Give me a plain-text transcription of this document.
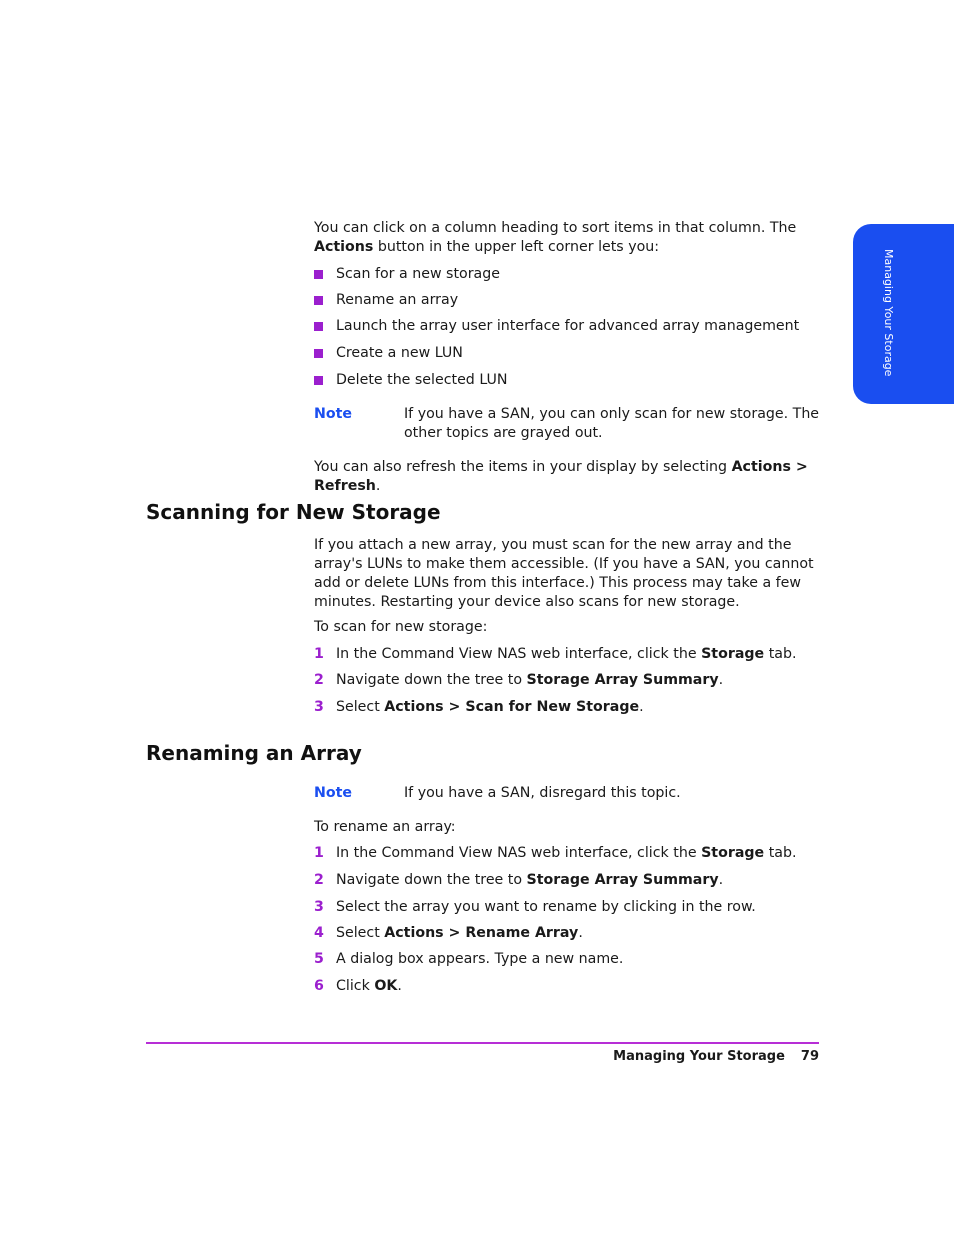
Managing Your Storage
You can click on a column heading to sort items in that column. The Actions button in the upper left corner lets you:
Scan for a new storage
Rename an array
Launch the array user interface for advanced array management
Create a new LUN
Delete the selected LUN
Note	If you have a SAN, you can only scan for new storage. The other topics are grayed out.
You can also refresh the items in your display by selecting Actions > Refresh.
Scanning for New Storage
If you attach a new array, you must scan for the new array and the array's LUNs to make them accessible. (If you have a SAN, you cannot add or delete LUNs from this interface.) This process may take a few minutes. Restarting your device also scans for new storage.
To scan for new storage:
1 In the Command View NAS web interface, click the Storage tab.
2 Navigate down the tree to Storage Array Summary.
3 Select Actions > Scan for New Storage.
Renaming an Array
Note	If you have a SAN, disregard this topic.
To rename an array:
1 In the Command View NAS web interface, click the Storage tab.
2 Navigate down the tree to Storage Array Summary.
3 Select the array you want to rename by clicking in the row.
4 Select Actions > Rename Array.
5 A dialog box appears. Type a new name.
6 Click OK.
Managing Your Storage 79
